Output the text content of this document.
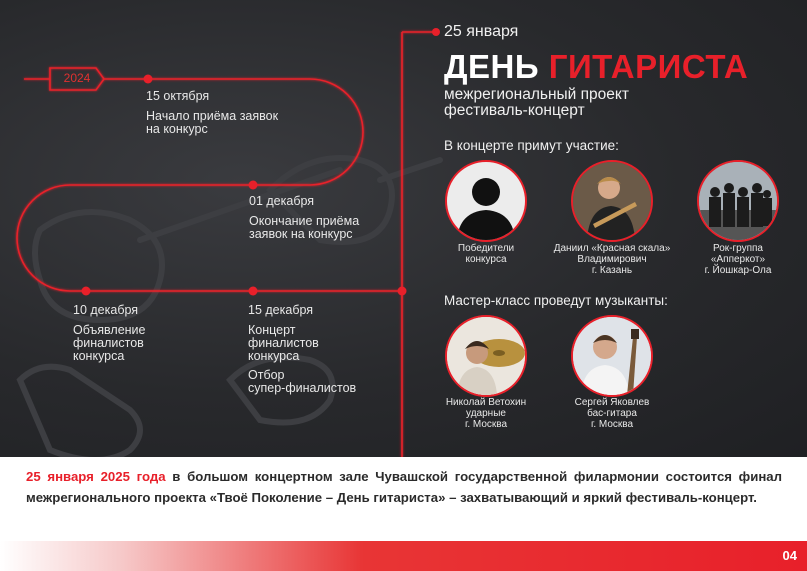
2024
15 октября
Начало приёма заявок
на конкурс
01 декабря
Окончание приёма
заявок на конкурс
10 декабря
Объявление
финалистов
конкурса
15 декабря
Концерт
финалистов
конкурса
Отбор
супер-финалистов
25 января
ДЕНЬ ГИТАРИСТА
межрегиональный проект
фестиваль-концерт
В концерте примут участие:
Победители
конкурса
Даниил «Красная скала»
Владимирович
г. Казань
Рок-группа
«Апперкот»
г. Йошкар-Ола
Мастер-класс проведут музыканты:
Николай Ветохин
ударные
г. Москва
Сергей Яковлев
бас-гитара
г. Москва
25 января 2025 года в большом концертном зале Чувашской государственной филармонии состоится финал межрегионального проекта «Твоё Поколение – День гитариста» – захватывающий и яркий фестиваль-концерт.
04
